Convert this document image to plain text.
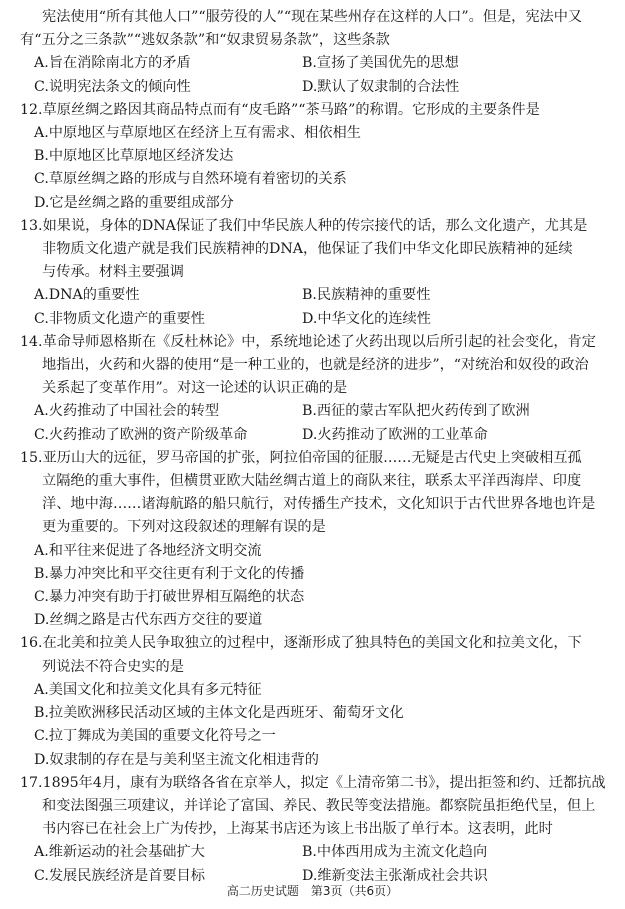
宪法使用“所有其他人口”“服劳役的人”“现在某些州存在这样的人口”。但是，宪法中又
有“五分之三条款”“逃奴条款”和“奴隶贸易条款”，这些条款
A.旨在消除南北方的矛盾	B.宣扬了美国优先的思想
C.说明宪法条文的倾向性	D.默认了奴隶制的合法性
12.草原丝绸之路因其商品特点而有“皮毛路”“茶马路”的称谓。它形成的主要条件是
A.中原地区与草原地区在经济上互有需求、相依相生
B.中原地区比草原地区经济发达
C.草原丝绸之路的形成与自然环境有着密切的关系
D.它是丝绸之路的重要组成部分
13.如果说，身体的DNA保证了我们中华民族人种的传宗接代的话，那么文化遗产，尤其是
非物质文化遗产就是我们民族精神的DNA，他保证了我们中华文化即民族精神的延续
与传承。材料主要强调
A.DNA的重要性	B.民族精神的重要性
C.非物质文化遗产的重要性	D.中华文化的连续性
14.革命导师恩格斯在《反杜林论》中，系统地论述了火药出现以后所引起的社会变化，肯定
地指出，火药和火器的使用“是一种工业的，也就是经济的进步”，“对统治和奴役的政治
关系起了变革作用”。对这一论述的认识正确的是
A.火药推动了中国社会的转型	B.西征的蒙古军队把火药传到了欧洲
C.火药推动了欧洲的资产阶级革命	D.火药推动了欧洲的工业革命
15.亚历山大的远征，罗马帝国的扩张，阿拉伯帝国的征服……无疑是古代史上突破相互孤
立隔绝的重大事件，但横贯亚欧大陆丝绸古道上的商队来往，联系太平洋西海岸、印度
洋、地中海……诸海航路的船只航行，对传播生产技术，文化知识于古代世界各地也许是
更为重要的。下列对这段叙述的理解有误的是
A.和平往来促进了各地经济文明交流
B.暴力冲突比和平交往更有利于文化的传播
C.暴力冲突有助于打破世界相互隔绝的状态
D.丝绸之路是古代东西方交往的要道
16.在北美和拉美人民争取独立的过程中，逐渐形成了独具特色的美国文化和拉美文化，下
列说法不符合史实的是
A.美国文化和拉美文化具有多元特征
B.拉美欧洲移民活动区域的主体文化是西班牙、葡萄牙文化
C.拉丁舞成为美国的重要文化符号之一
D.奴隶制的存在是与美利坚主流文化相违背的
17.1895年4月，康有为联络各省在京举人，拟定《上清帝第二书》，提出拒签和约、迁都抗战
和变法图强三项建议，并详论了富国、养民、教民等变法措施。都察院虽拒绝代呈，但上
书内容已在社会上广为传抄，上海某书店还为该上书出版了单行本。这表明，此时
A.维新运动的社会基础扩大	B.中体西用成为主流文化趋向
C.发展民族经济是首要目标	D.维新变法主张渐成社会共识
高二历史试题　第3页（共6页）
